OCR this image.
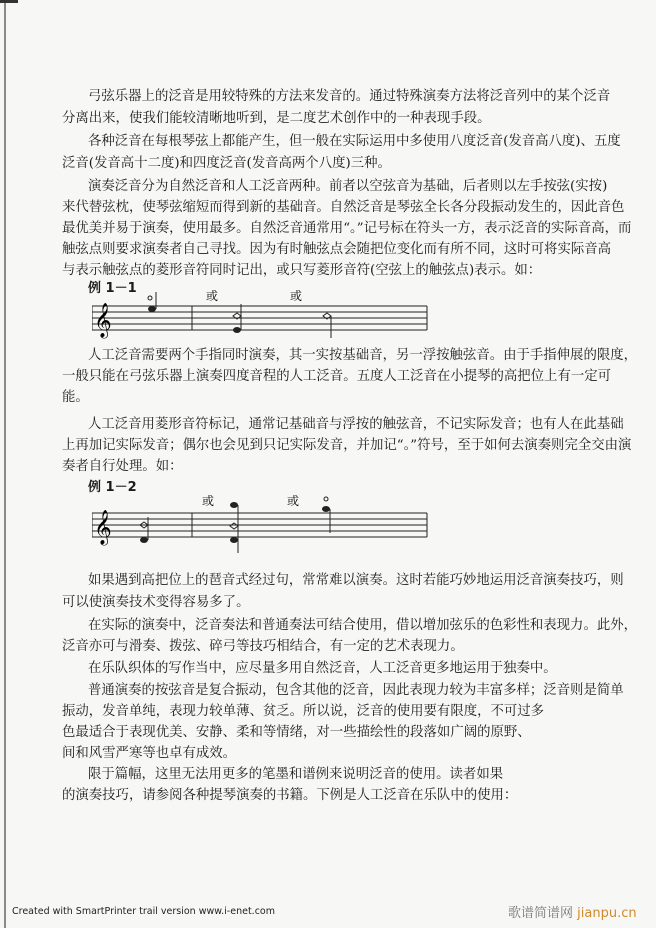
弓弦乐器上的泛音是用较特殊的方法来发音的。通过特殊演奏方法将泛音列中的某个泛音
分离出来，使我们能较清晰地听到，是二度艺术创作中的一种表现手段。
各种泛音在每根琴弦上都能产生，但一般在实际运用中多使用八度泛音(发音高八度)、五度
泛音(发音高十二度)和四度泛音(发音高两个八度)三种。
演奏泛音分为自然泛音和人工泛音两种。前者以空弦音为基础，后者则以左手按弦(实按)
来代替弦枕，使琴弦缩短而得到新的基础音。自然泛音是琴弦全长各分段振动发生的，因此音色
最优美并易于演奏，使用最多。自然泛音通常用“。”记号标在符头一方，表示泛音的实际音高，而
触弦点则要求演奏者自己寻找。因为有时触弦点会随把位变化而有所不同，这时可将实际音高
与表示触弦点的菱形音符同时记出，或只写菱形音符(空弦上的触弦点)表示。如：
人工泛音需要两个手指同时演奏，其一实按基础音，另一浮按触弦音。由于手指伸展的限度，
一般只能在弓弦乐器上演奏四度音程的人工泛音。五度人工泛音在小提琴的高把位上有一定可
能。
人工泛音用菱形音符标记，通常记基础音与浮按的触弦音，不记实际发音；也有人在此基础
上再加记实际发音；偶尔也会见到只记实际发音，并加记“。”符号，至于如何去演奏则完全交由演
奏者自行处理。如：
如果遇到高把位上的琶音式经过句，常常难以演奏。这时若能巧妙地运用泛音演奏技巧，则
可以使演奏技术变得容易多了。
在实际的演奏中，泛音奏法和普通奏法可结合使用，借以增加弦乐的色彩性和表现力。此外，
泛音亦可与滑奏、拨弦、碎弓等技巧相结合，有一定的艺术表现力。
在乐队织体的写作当中，应尽量多用自然泛音，人工泛音更多地运用于独奏中。
普通演奏的按弦音是复合振动，包含其他的泛音，因此表现力较为丰富多样；泛音则是简单
振动，发音单纯，表现力较单薄、贫乏。所以说，泛音的使用要有限度，不可过多
色最适合于表现优美、安静、柔和等情绪，对一些描绘性的段落如广阔的原野、
间和风雪严寒等也卓有成效。
限于篇幅，这里无法用更多的笔墨和谱例来说明泛音的使用。读者如果
的演奏技巧，请参阅各种提琴演奏的书籍。下例是人工泛音在乐队中的使用：
例 1－1
𝄞
或	或
例 1－2
𝄞
或	或
Created with SmartPrinter trail version www.i-enet.com	歌谱简谱网 jianpu.cn
